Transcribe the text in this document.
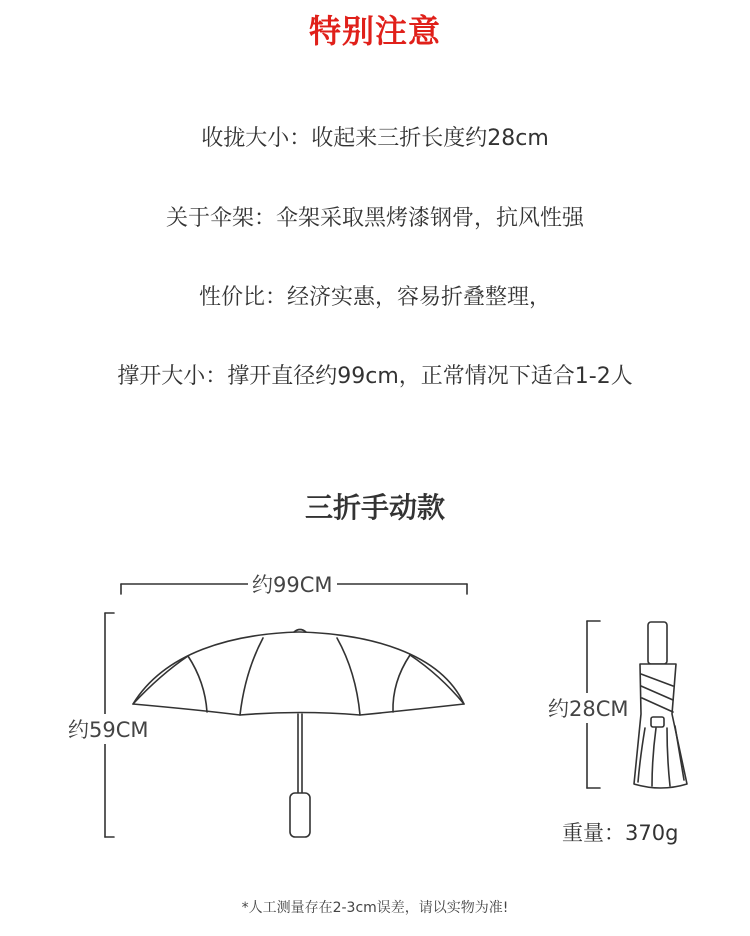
特别注意
收拢大小：收起来三折长度约28cm
关于伞架：伞架采取黑烤漆钢骨，抗风性强
性价比：经济实惠，容易折叠整理，
撑开大小：撑开直径约99cm，正常情况下适合1-2人
三折手动款
约99CM
约59CM
约28CM
重量：370g
*人工测量存在2-3cm误差，请以实物为准!
